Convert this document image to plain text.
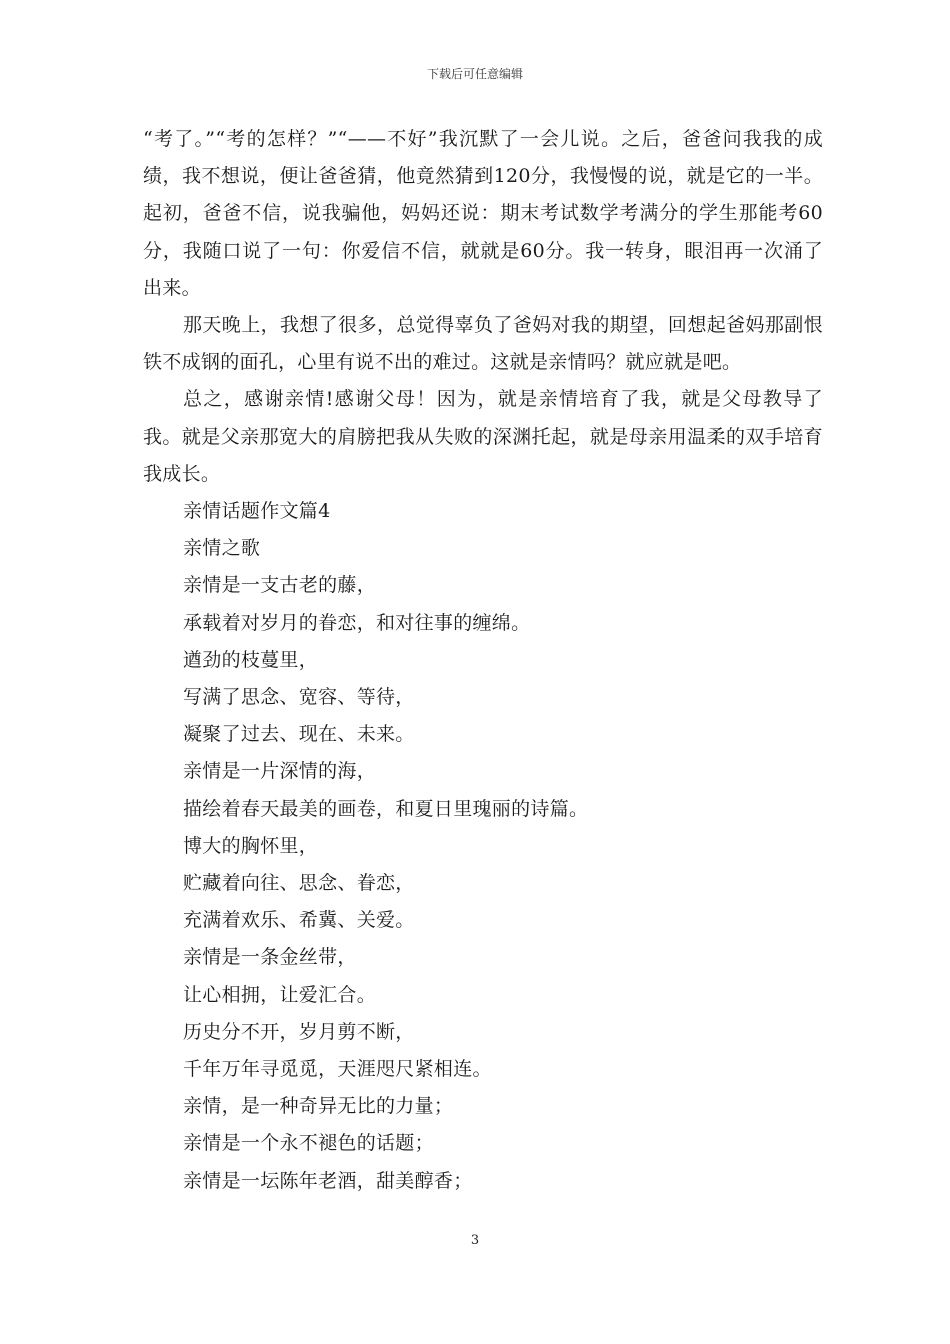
下载后可任意编辑

“考了。”“考的怎样？”“——不好”我沉默了一会儿说。之后，爸爸问我我的成绩，我不想说，便让爸爸猜，他竟然猜到120分，我慢慢的说，就是它的一半。起初，爸爸不信，说我骗他，妈妈还说：期末考试数学考满分的学生那能考60分，我随口说了一句：你爱信不信，就就是60分。我一转身，眼泪再一次涌了出来。

那天晚上，我想了很多，总觉得辜负了爸妈对我的期望，回想起爸妈那副恨铁不成钢的面孔，心里有说不出的难过。这就是亲情吗？就应就是吧。

总之，感谢亲情!感谢父母！因为，就是亲情培育了我，就是父母教导了我。就是父亲那宽大的肩膀把我从失败的深渊托起，就是母亲用温柔的双手培育我成长。

亲情话题作文篇4
亲情之歌
亲情是一支古老的藤，
承载着对岁月的眷恋，和对往事的缠绵。
遒劲的枝蔓里，
写满了思念、宽容、等待，
凝聚了过去、现在、未来。
亲情是一片深情的海，
描绘着春天最美的画卷，和夏日里瑰丽的诗篇。
博大的胸怀里，
贮藏着向往、思念、眷恋，
充满着欢乐、希冀、关爱。
亲情是一条金丝带，
让心相拥，让爱汇合。
历史分不开，岁月剪不断，
千年万年寻觅觅，天涯咫尺紧相连。
亲情，是一种奇异无比的力量；
亲情是一个永不褪色的话题；
亲情是一坛陈年老酒，甜美醇香；
3
